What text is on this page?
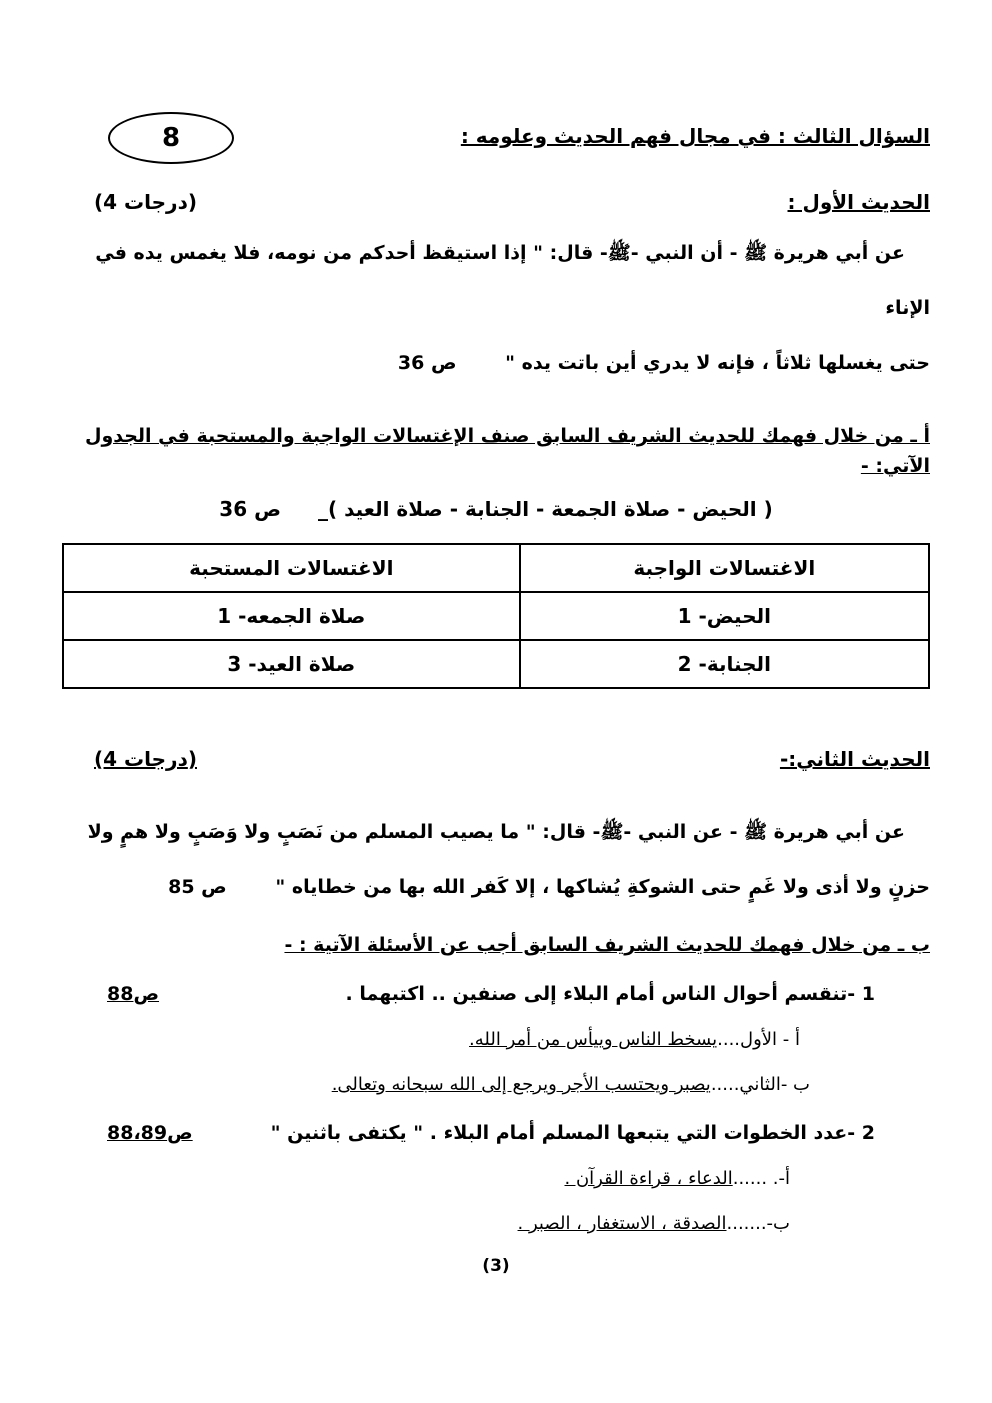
السؤال الثالث : في مجال فهم الحديث وعلومه :
8
الحديث الأول :
(4 درجات)
عن أبي هريرة ﷺ - أن النبي -ﷺ- قال: " إذا استيقظ أحدكم من نومه، فلا يغمس يده في الإناء
حتى يغسلها ثلاثاً ، فإنه لا يدري أين باتت يده " ص 36
أ ـ من خلال فهمك للحديث الشريف السابق صنف الإغتسالات الواجبة والمستحبة في الجدول الآتي: -
( الحيض - صلاة الجمعة - الجنابة - صلاة العيد )_ ص 36
الاغتسالات الواجبة	الاغتسالات المستحبة
1 -الحيض	1 -صلاة الجمعه
2 -الجنابة	3 -صلاة العيد
الحديث الثاني:-
(4 درجات)
عن أبي هريرة ﷺ - عن النبي -ﷺ- قال: " ما يصيب المسلم من نَصَبٍ ولا وَصَبٍ ولا همٍ ولا
حزنٍ ولا أذى ولا غَمٍ حتى الشوكةِ يُشاكها ، إلا كَفر الله بها من خطاياه " ص 85
ب ـ من خلال فهمك للحديث الشريف السابق أجب عن الأسئلة الآتية : -
1 -تنقسم أحوال الناس أمام البلاء إلى صنفين .. اكتبهما .
ص88
أ - الأول....يسخط الناس وييأس من أمر الله.
ب -الثاني.....يصبر ويحتسب الأجر ويرجع إلى الله سبحانه وتعالى.
2 -عدد الخطوات التي يتبعها المسلم أمام البلاء . " يكتفى باثنين "
ص88،89
أ-. ......الدعاء ، قراءة القرآن .
ب-.......الصدقة ، الاستغفار ، الصبر .
(3)
